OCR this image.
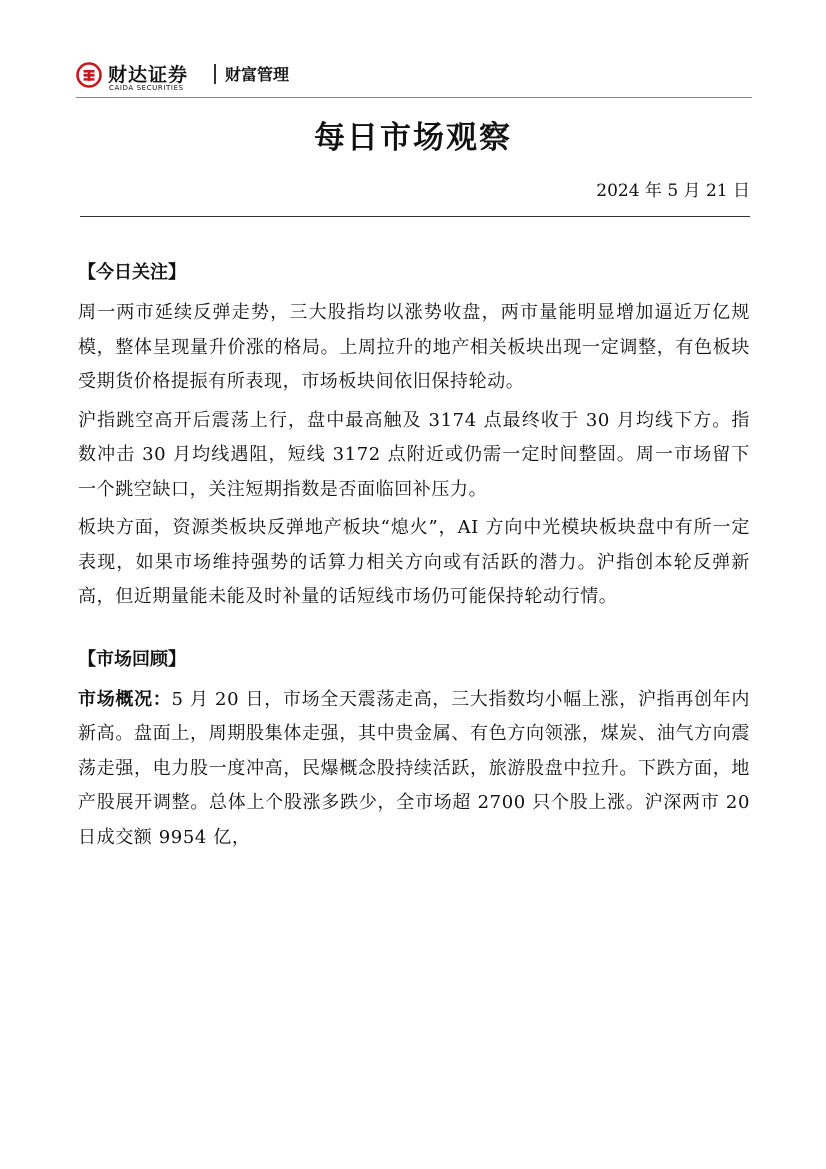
财达证券
CAIDA SECURITIES
财富管理
每日市场观察
2024 年 5 月 21 日
【今日关注】

周一两市延续反弹走势，三大股指均以涨势收盘，两市量能明显增加逼近万亿规模，整体呈现量升价涨的格局。上周拉升的地产相关板块出现一定调整，有色板块受期货价格提振有所表现，市场板块间依旧保持轮动。

沪指跳空高开后震荡上行，盘中最高触及 3174 点最终收于 30 月均线下方。指数冲击 30 月均线遇阻，短线 3172 点附近或仍需一定时间整固。周一市场留下一个跳空缺口，关注短期指数是否面临回补压力。

板块方面，资源类板块反弹地产板块“熄火”，AI 方向中光模块板块盘中有所一定表现，如果市场维持强势的话算力相关方向或有活跃的潜力。沪指创本轮反弹新高，但近期量能未能及时补量的话短线市场仍可能保持轮动行情。

【市场回顾】

市场概况：5 月 20 日，市场全天震荡走高，三大指数均小幅上涨，沪指再创年内新高。盘面上，周期股集体走强，其中贵金属、有色方向领涨，煤炭、油气方向震荡走强，电力股一度冲高，民爆概念股持续活跃，旅游股盘中拉升。下跌方面，地产股展开调整。总体上个股涨多跌少，全市场超 2700 只个股上涨。沪深两市 20 日成交额 9954 亿，
